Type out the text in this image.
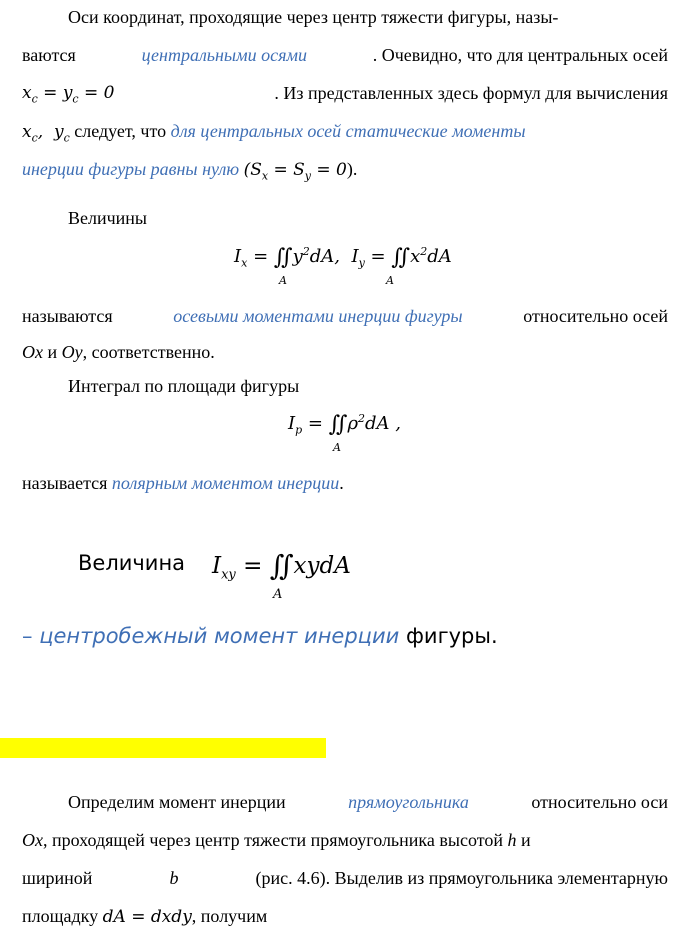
Оси координат, проходящие через центр тяжести фигуры, назы-
ваются	центральными осями	. Очевидно, что для центральных осей
$x_c = y_c = 0$	. Из представленных здесь формул для вычисления
$x_c$,  $y_c$ следует, что для центральных осей статические моменты
инерции фигуры равны нулю $(S_x = S_y = 0)$.
Величины
$I_x$ = $∬y^2dA$,  $I_y$ = $∬x^2dA$
A	A
называются	осевыми моментами инерции фигуры	относительно осей
Ox и Oy, соответственно.
Интеграл по площади фигуры
$I_p$ = $∬\rho^2dA$ ,
A
называется полярным моментом инерции.
Величина $I_{xy}$ = ∬xydA
A
– центробежный момент инерции фигуры.
Определим момент инерции	прямоугольника	относительно оси
Ox, проходящей через центр тяжести прямоугольника высотой h и
шириной	b	(рис. 4.6). Выделив из прямоугольника элементарную
площадку dA = dxdy, получим
